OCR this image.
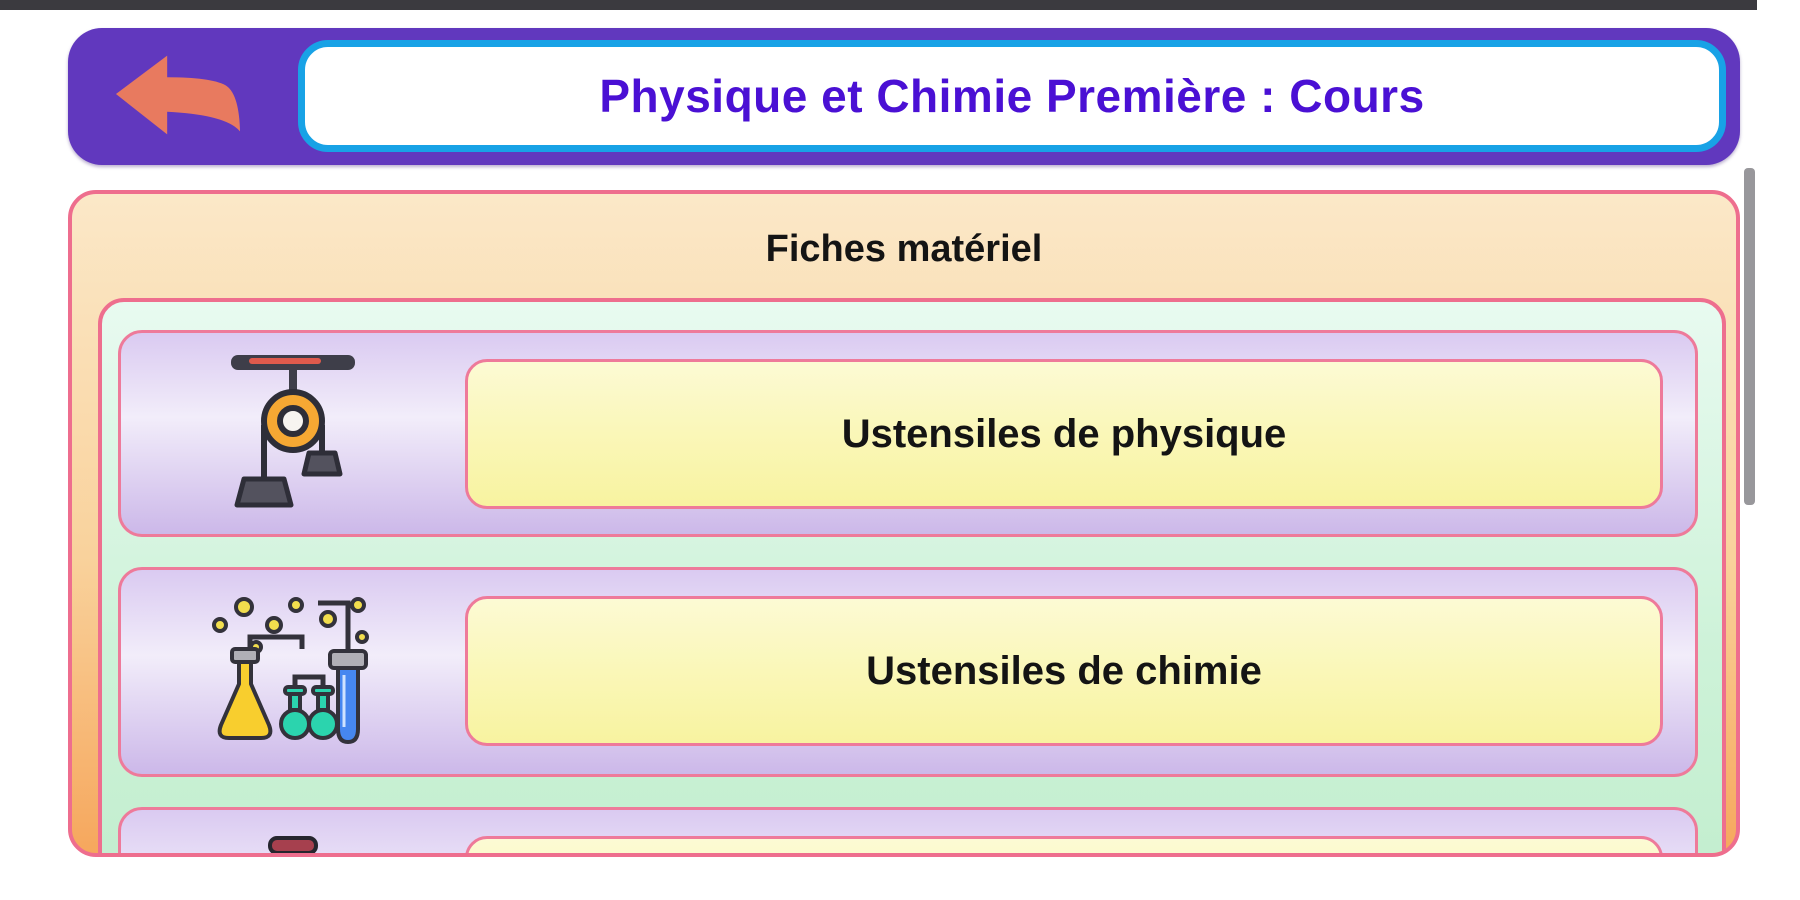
Physique et Chimie Première : Cours
Fiches matériel
Ustensiles de physique
Ustensiles de chimie
